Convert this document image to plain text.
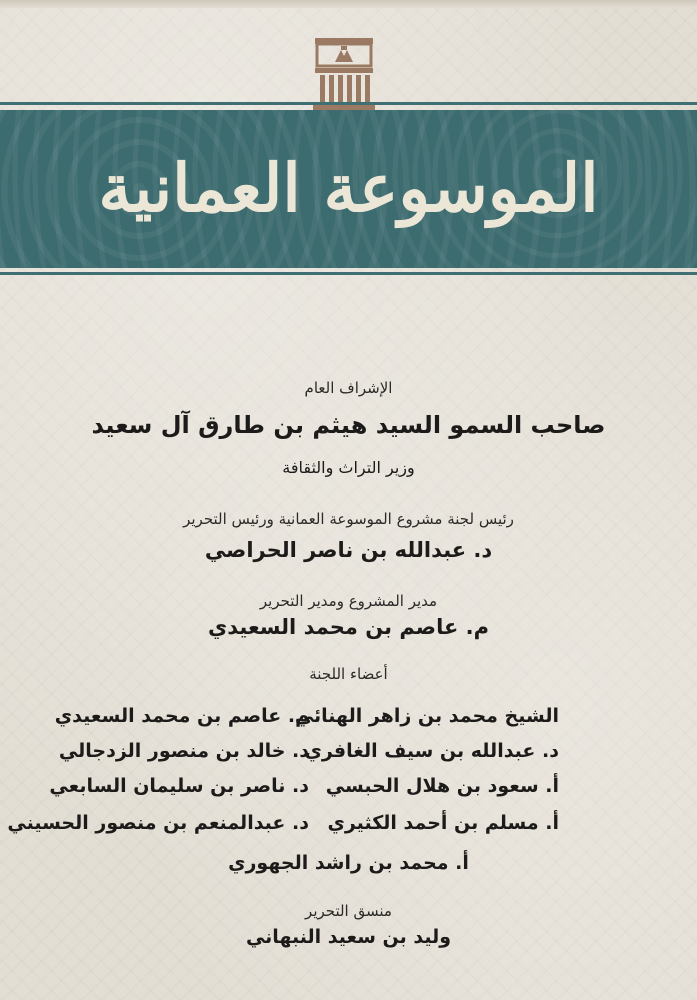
الموسوعة العمانية
الإشراف العام
صاحب السمو السيد هيثم بن طارق آل سعيد
وزير التراث والثقافة
رئيس لجنة مشروع الموسوعة العمانية ورئيس التحرير
د. عبدالله بن ناصر الحراصي
مدير المشروع ومدير التحرير
م. عاصم بن محمد السعيدي
أعضاء اللجنة
الشيخ محمد بن زاهر الهنائي
د. عبدالله بن سيف الغافري
أ. سعود بن هلال الحبسي
أ. مسلم بن أحمد الكثيري
م. عاصم بن محمد السعيدي
د. خالد بن منصور الزدجالي
د. ناصر بن سليمان السابعي
د. عبدالمنعم بن منصور الحسيني
أ. محمد بن راشد الجهوري
منسق التحرير
وليد بن سعيد النبهاني
